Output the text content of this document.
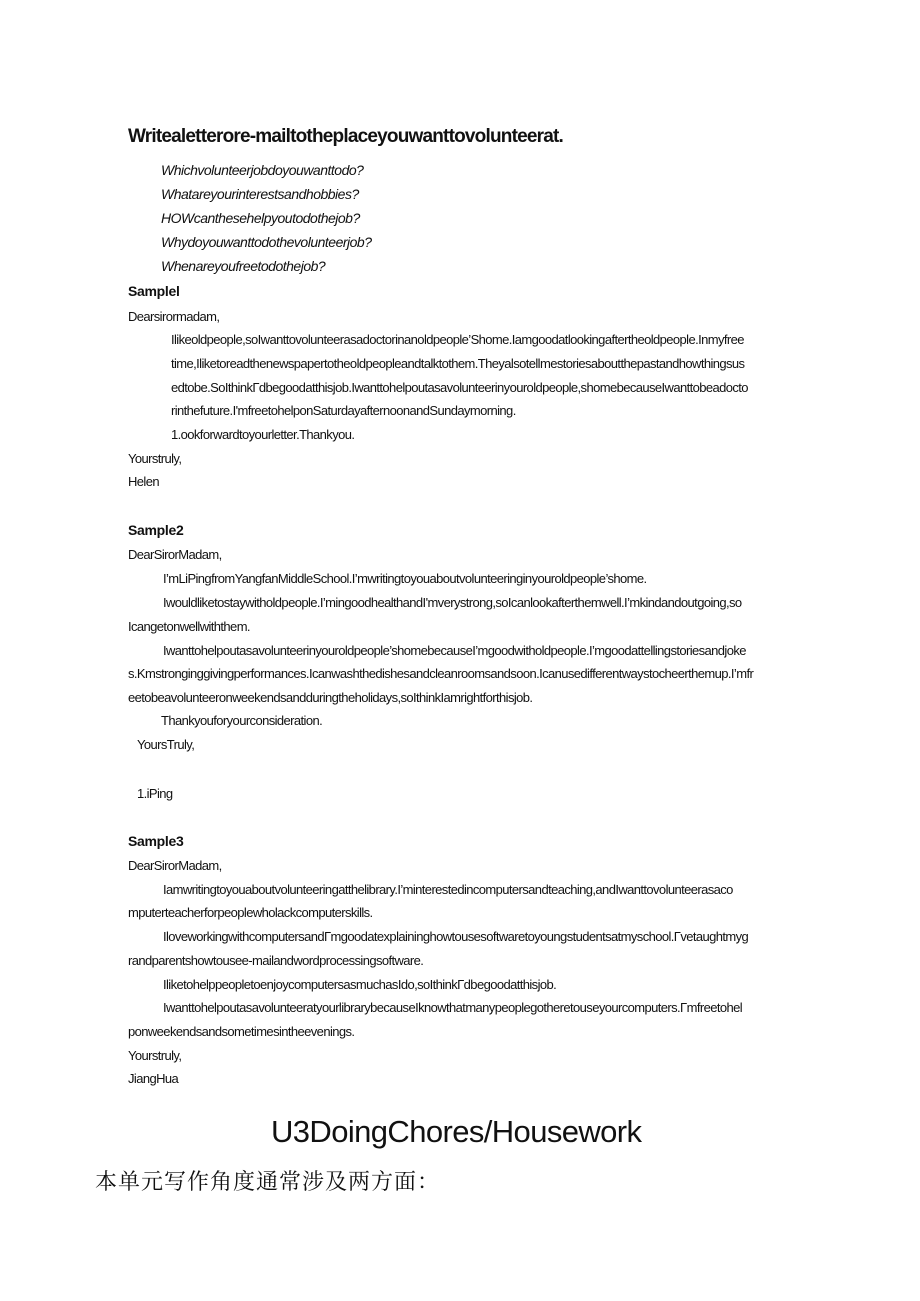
Writealetterore-mailtotheplaceyouwanttovolunteerat.
Whichvolunteerjobdoyouwanttodo?
Whatareyourinterestsandhobbies?
HOWcanthesehelpyoutodothejob?
Whydoyouwanttodothevolunteerjob?
Whenareyoufreetodothejob?
Samplel
Dearsirormadam,
Ilikeoldpeople,soIwanttovolunteerasadoctorinanoldpeople’Shome.Iamgoodatlookingaftertheoldpeople.Inmyfree
time,Iliketoreadthenewspapertotheoldpeopleandtalktothem.Theyalsotellmestoriesaboutthepastandhowthingsus
edtobe.SoIthinkΓdbegoodatthisjob.Iwanttohelpoutasavolunteerinyouroldpeople,shomebecauseIwanttobeadocto
rinthefuture.I'mfreetohelponSaturdayafternoonandSundaymorning.
1.ookforwardtoyourletter.Thankyou.
Yourstruly,
Helen
Sample2
DearSirorMadam,
I’mLiPingfromYangfanMiddleSchool.I’mwritingtoyouaboutvolunteeringinyouroldpeople’shome.
Iwouldliketostaywitholdpeople.I’mingoodhealthandI'mverystrong,soIcanlookafterthemwell.I’mkindandoutgoing,so
Icangetonwellwiththem.
Iwanttohelpoutasavolunteerinyouroldpeople’shomebecauseI’mgoodwitholdpeople.I’mgoodattellingstoriesandjoke
s.Kmstronginggivingperformances.Icanwashthedishesandcleanroomsandsoon.Icanusedifferentwaystocheerthemup.I’mfr
eetobeavolunteeronweekendsandduringtheholidays,soIthinkIamrightforthisjob.
Thankyouforyourconsideration.
YoursTruly,
1.iPing
Sample3
DearSirorMadam,
Iamwritingtoyouaboutvolunteeringatthelibrary.I’minterestedincomputersandteaching,andIwanttovolunteerasaco
mputerteacherforpeoplewholackcomputerskills.
IloveworkingwithcomputersandΓmgoodatexplaininghowtousesoftwaretoyoungstudentsatmyschool.Γvetaughtmyg
randparentshowtousee-mailandwordprocessingsoftware.
IliketohelppeopletoenjoycomputersasmuchasIdo,soIthinkΓdbegoodatthisjob.
IwanttohelpoutasavolunteeratyourlibrarybecauseIknowthatmanypeoplegotheretouseyourcomputers.Γmfreetohel
ponweekendsandsometimesintheevenings.
Yourstruly,
JiangHua
U3DoingChores/Housework
本单元写作角度通常涉及两方面：
